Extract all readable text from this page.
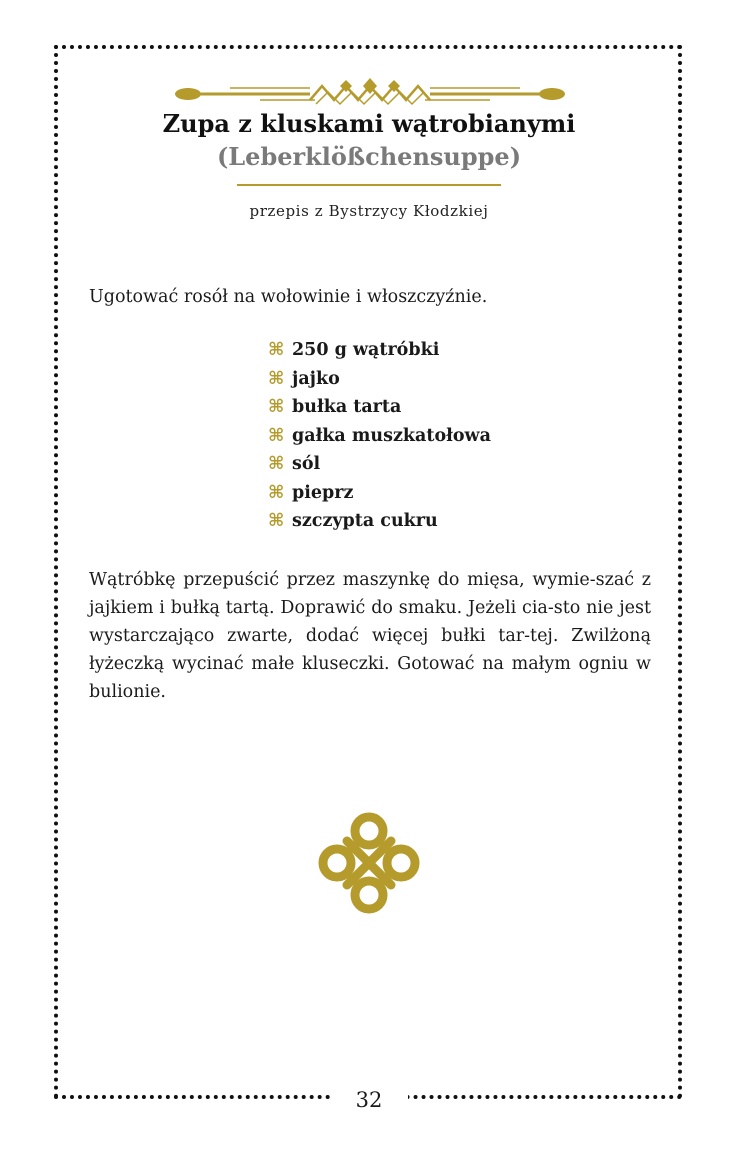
32
Zupa z kluskami wątrobianymi
(Leberklößchensuppe)
przepis z Bystrzycy Kłodzkiej
Ugotować rosół na wołowinie i włoszczyźnie.
⌘ 250 g wątróbki
⌘ jajko
⌘ bułka tarta
⌘ gałka muszkatołowa
⌘ sól
⌘ pieprz
⌘ szczypta cukru
Wątróbkę przepuścić przez maszynkę do mięsa, wymie-szać z jajkiem i bułką tartą. Doprawić do smaku. Jeżeli cia-sto nie jest wystarczająco zwarte, dodać więcej bułki tar-tej. Zwilżoną łyżeczką wycinać małe kluseczki. Gotować na małym ogniu w bulionie.
